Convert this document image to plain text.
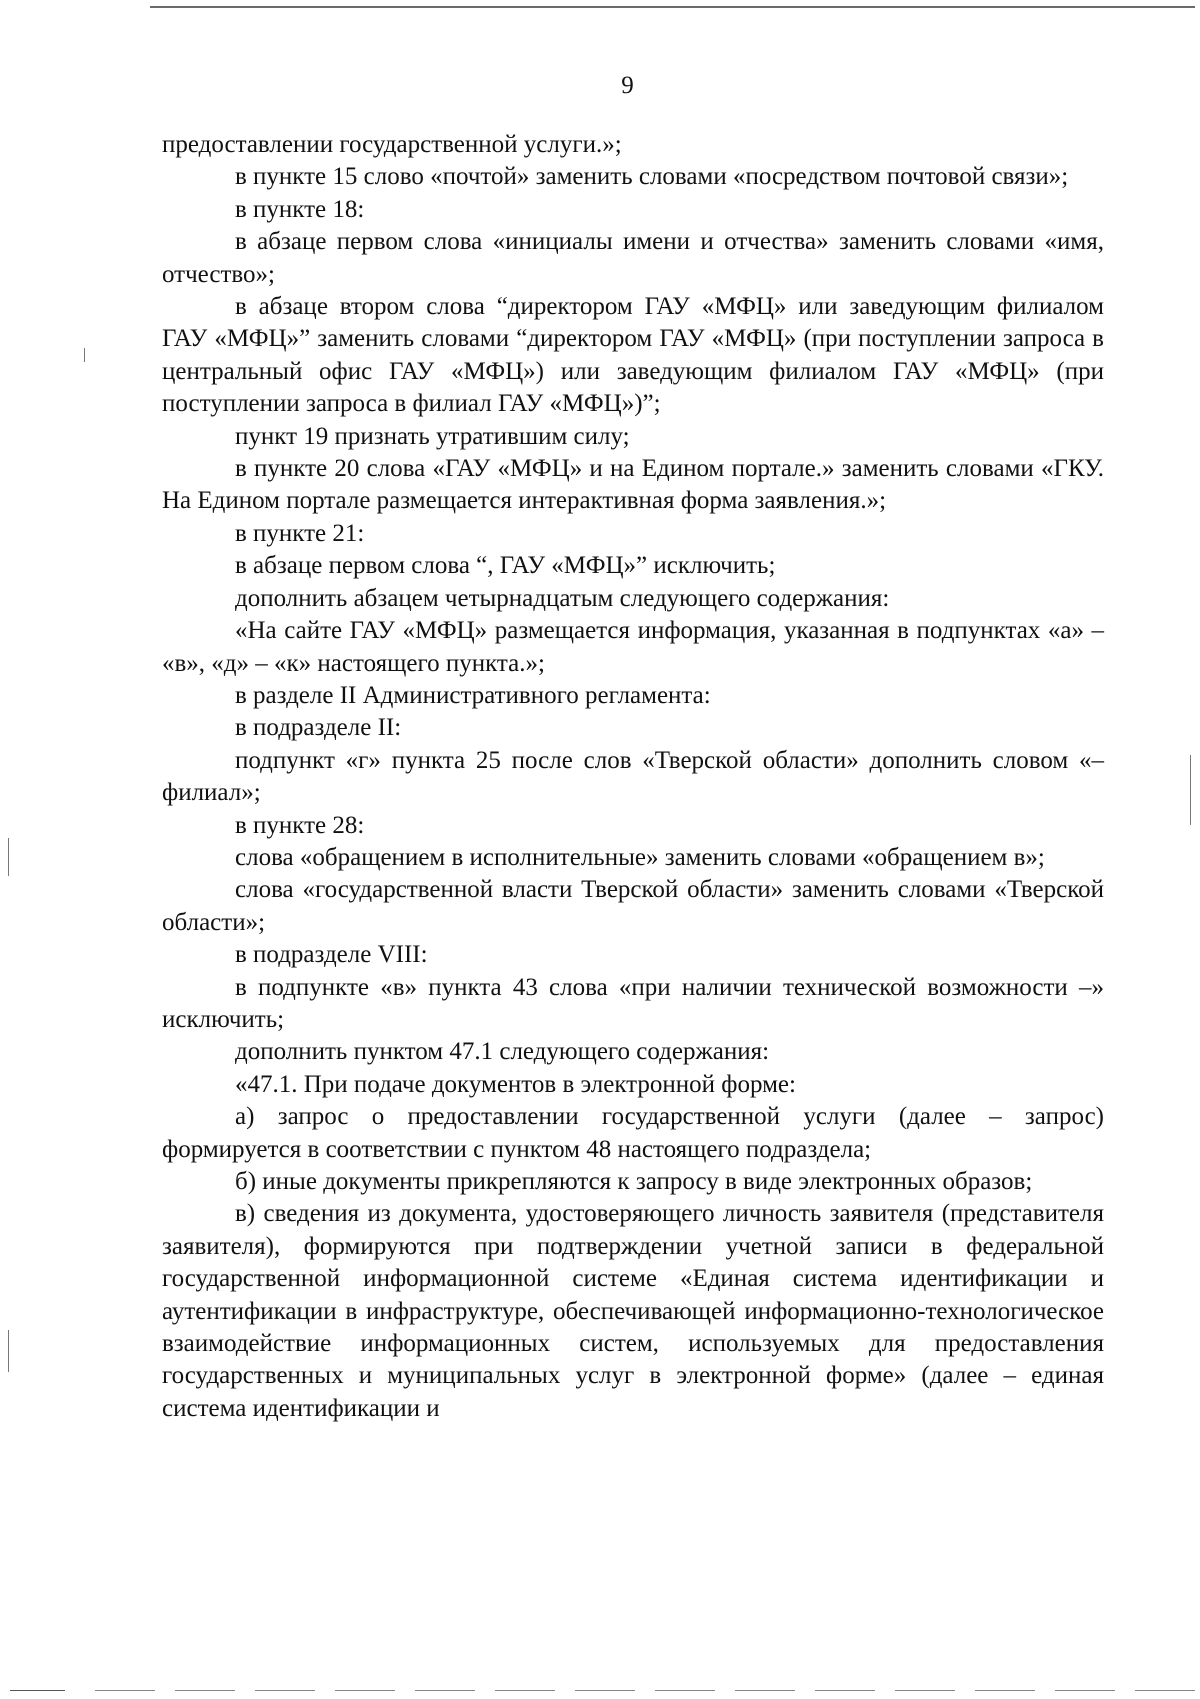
9

предоставлении государственной услуги.»;

в пункте 15 слово «почтой» заменить словами «посредством почтовой связи»;

в пункте 18:

в абзаце первом слова «инициалы имени и отчества» заменить словами «имя, отчество»;

в абзаце втором слова “директором ГАУ «МФЦ» или заведующим филиалом ГАУ «МФЦ»” заменить словами “директором ГАУ «МФЦ» (при поступлении запроса в центральный офис ГАУ «МФЦ») или заведующим филиалом ГАУ «МФЦ» (при поступлении запроса в филиал ГАУ «МФЦ»)”;

пункт 19 признать утратившим силу;

в пункте 20 слова «ГАУ «МФЦ» и на Едином портале.» заменить словами «ГКУ. На Едином портале размещается интерактивная форма заявления.»;

в пункте 21:

в абзаце первом слова “, ГАУ «МФЦ»” исключить;

дополнить абзацем четырнадцатым следующего содержания:

«На сайте ГАУ «МФЦ» размещается информация, указанная в подпунктах «а» – «в», «д» – «к» настоящего пункта.»;

в разделе II Административного регламента:

в подразделе II:

подпункт «г» пункта 25 после слов «Тверской области» дополнить словом «– филиал»;

в пункте 28:

слова «обращением в исполнительные» заменить словами «обращением в»;

слова «государственной власти Тверской области» заменить словами «Тверской области»;

в подразделе VIII:

в подпункте «в» пункта 43 слова «при наличии технической возможности –» исключить;

дополнить пунктом 47.1 следующего содержания:

«47.1. При подаче документов в электронной форме:

а) запрос о предоставлении государственной услуги (далее – запрос) формируется в соответствии с пунктом 48 настоящего подраздела;

б) иные документы прикрепляются к запросу в виде электронных образов;

в) сведения из документа, удостоверяющего личность заявителя (представителя заявителя), формируются при подтверждении учетной записи в федеральной государственной информационной системе «Единая система идентификации и аутентификации в инфраструктуре, обеспечивающей информационно-технологическое взаимодействие информационных систем, используемых для предоставления государственных и муниципальных услуг в электронной форме» (далее – единая система идентификации и
